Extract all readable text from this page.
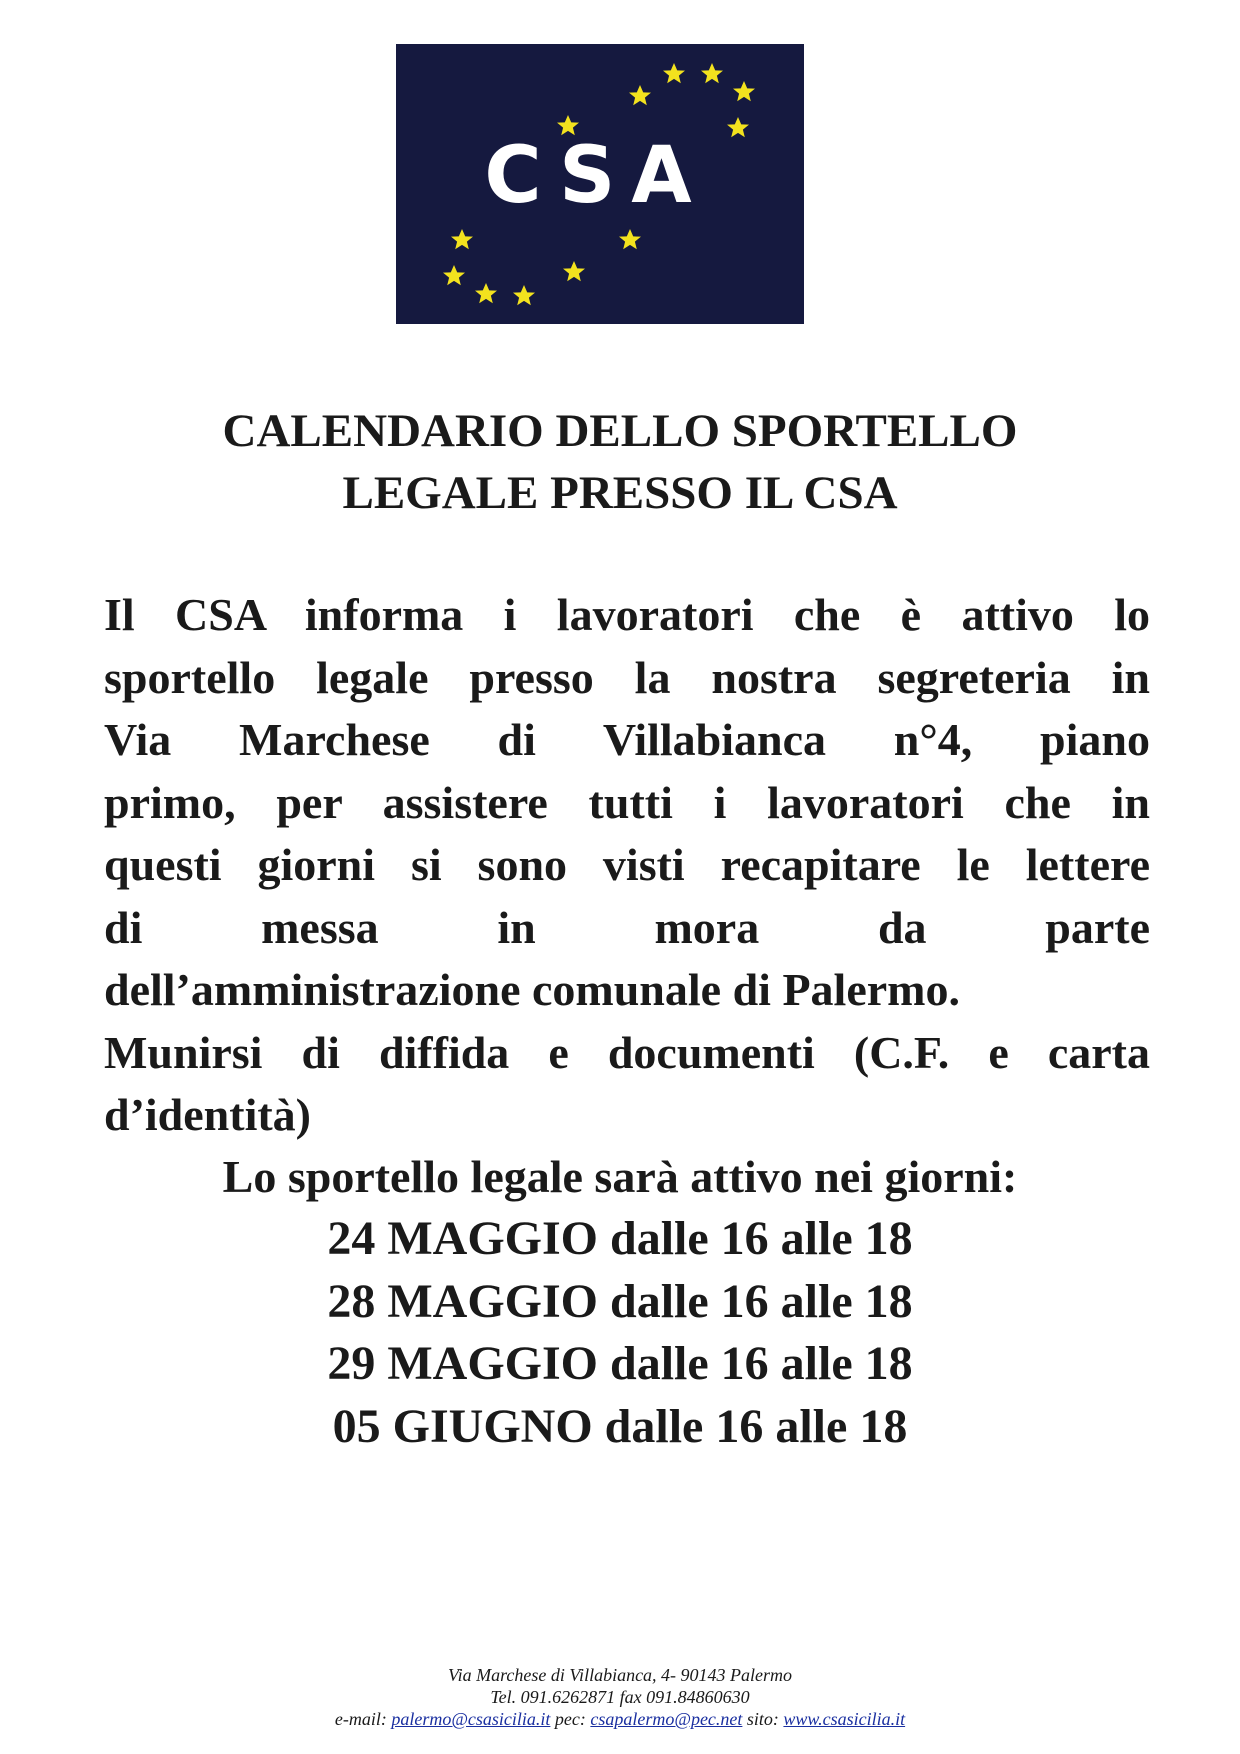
CSA
CALENDARIO DELLO SPORTELLO
LEGALE PRESSO IL CSA
Il CSA informa i lavoratori che è attivo lo
sportello legale presso la nostra segreteria in
Via Marchese di Villabianca n°4, piano
primo, per assistere tutti i lavoratori che in
questi giorni si sono visti recapitare le lettere
di messa in mora da parte
dell’amministrazione comunale di Palermo.
Munirsi di diffida e documenti (C.F. e carta
d’identità)
Lo sportello legale sarà attivo nei giorni:
24 MAGGIO dalle 16 alle 18
28 MAGGIO dalle 16 alle 18
29 MAGGIO dalle 16 alle 18
05 GIUGNO dalle 16 alle 18
Via Marchese di Villabianca, 4- 90143 Palermo
Tel. 091.6262871 fax 091.84860630
e-mail: palermo@csasicilia.it pec: csapalermo@pec.net sito: www.csasicilia.it
